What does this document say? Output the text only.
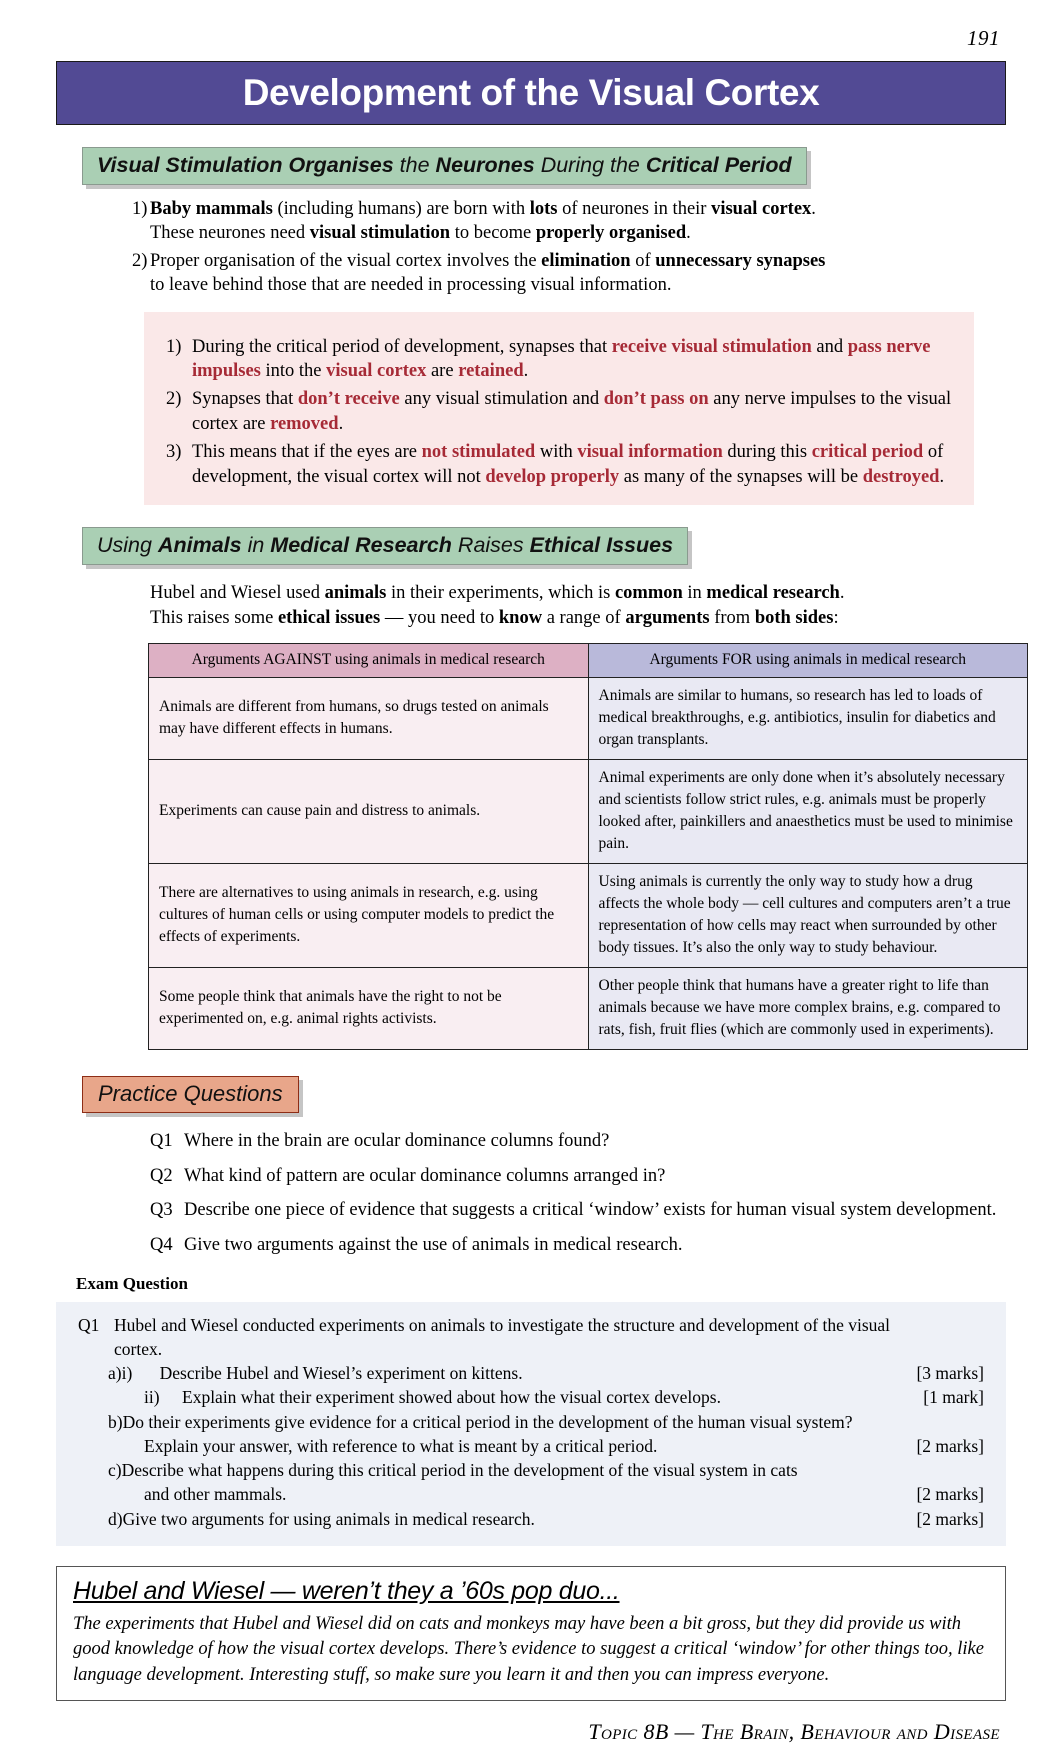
191
Development of the Visual Cortex
Visual Stimulation Organises the Neurones During the Critical Period
1) Baby mammals (including humans) are born with lots of neurones in their visual cortex.
These neurones need visual stimulation to become properly organised.
2) Proper organisation of the visual cortex involves the elimination of unnecessary synapses
to leave behind those that are needed in processing visual information.
1) During the critical period of development, synapses that receive visual stimulation and pass nerve impulses into the visual cortex are retained.
2) Synapses that don’t receive any visual stimulation and don’t pass on any nerve impulses to the visual cortex are removed.
3) This means that if the eyes are not stimulated with visual information during this critical period of development, the visual cortex will not develop properly as many of the synapses will be destroyed.
Using Animals in Medical Research Raises Ethical Issues
Hubel and Wiesel used animals in their experiments, which is common in medical research.
This raises some ethical issues — you need to know a range of arguments from both sides:
Arguments AGAINST using animals in medical research	Arguments FOR using animals in medical research
Animals are different from humans, so drugs tested on animals may have different effects in humans.	Animals are similar to humans, so research has led to loads of medical breakthroughs, e.g. antibiotics, insulin for diabetics and organ transplants.
Experiments can cause pain and distress to animals.	Animal experiments are only done when it’s absolutely necessary and scientists follow strict rules, e.g. animals must be properly looked after, painkillers and anaesthetics must be used to minimise pain.
There are alternatives to using animals in research, e.g. using cultures of human cells or using computer models to predict the effects of experiments.	Using animals is currently the only way to study how a drug affects the whole body — cell cultures and computers aren’t a true representation of how cells may react when surrounded by other body tissues. It’s also the only way to study behaviour.
Some people think that animals have the right to not be experimented on, e.g. animal rights activists.	Other people think that humans have a greater right to life than animals because we have more complex brains, e.g. compared to rats, fish, fruit flies (which are commonly used in experiments).
Practice Questions
Q1 Where in the brain are ocular dominance columns found?
Q2 What kind of pattern are ocular dominance columns arranged in?
Q3 Describe one piece of evidence that suggests a critical ‘window’ exists for human visual system development.
Q4 Give two arguments against the use of animals in medical research.
Exam Question
Q1 Hubel and Wiesel conducted experiments on animals to investigate the structure and development of the visual cortex.
a) i)	Describe Hubel and Wiesel’s experiment on kittens.	[3 marks]
ii)	Explain what their experiment showed about how the visual cortex develops.	[1 mark]
b) Do their experiments give evidence for a critical period in the development of the human visual system?
Explain your answer, with reference to what is meant by a critical period.	[2 marks]
c) Describe what happens during this critical period in the development of the visual system in cats
and other mammals.	[2 marks]
d) Give two arguments for using animals in medical research.	[2 marks]
Hubel and Wiesel — weren’t they a ’60s pop duo...
The experiments that Hubel and Wiesel did on cats and monkeys may have been a bit gross, but they did provide us with good knowledge of how the visual cortex develops. There’s evidence to suggest a critical ‘window’ for other things too, like language development. Interesting stuff, so make sure you learn it and then you can impress everyone.
Topic 8B — The Brain, Behaviour and Disease
